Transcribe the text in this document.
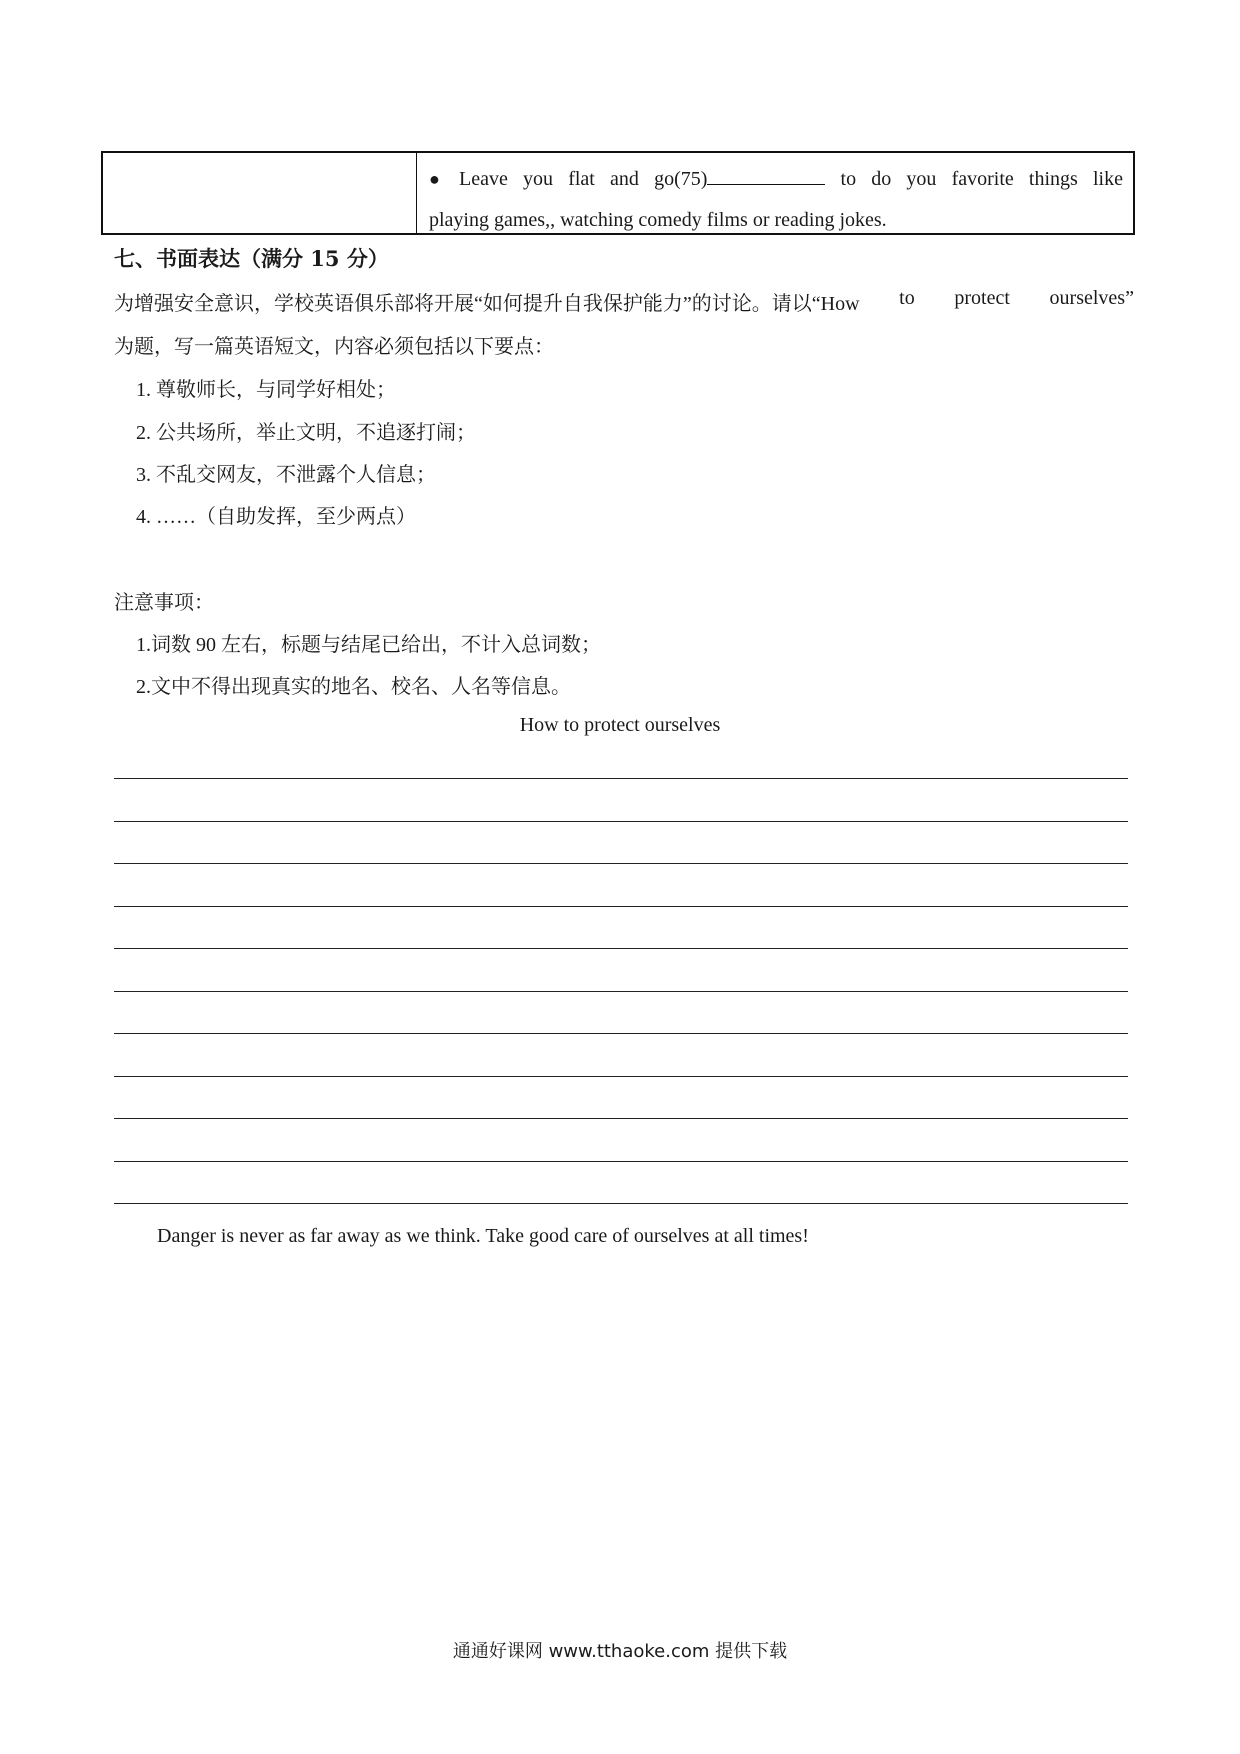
● Leave you flat and go(75)	to do you favorite things like
playing games,, watching comedy films or reading jokes.
七、书面表达（满分 15 分）
为增强安全意识，学校英语俱乐部将开展“如何提升自我保护能力”的讨论。请以“How to protect ourselves”
为题，写一篇英语短文，内容必须包括以下要点：
1. 尊敬师长，与同学好相处；
2. 公共场所，举止文明，不追逐打闹；
3. 不乱交网友，不泄露个人信息；
4. ……（自助发挥，至少两点）
注意事项：
1.词数 90 左右，标题与结尾已给出，不计入总词数；
2.文中不得出现真实的地名、校名、人名等信息。
How to protect ourselves
Danger is never as far away as we think. Take good care of ourselves at all times!
通通好课网 www.tthaoke.com 提供下载
